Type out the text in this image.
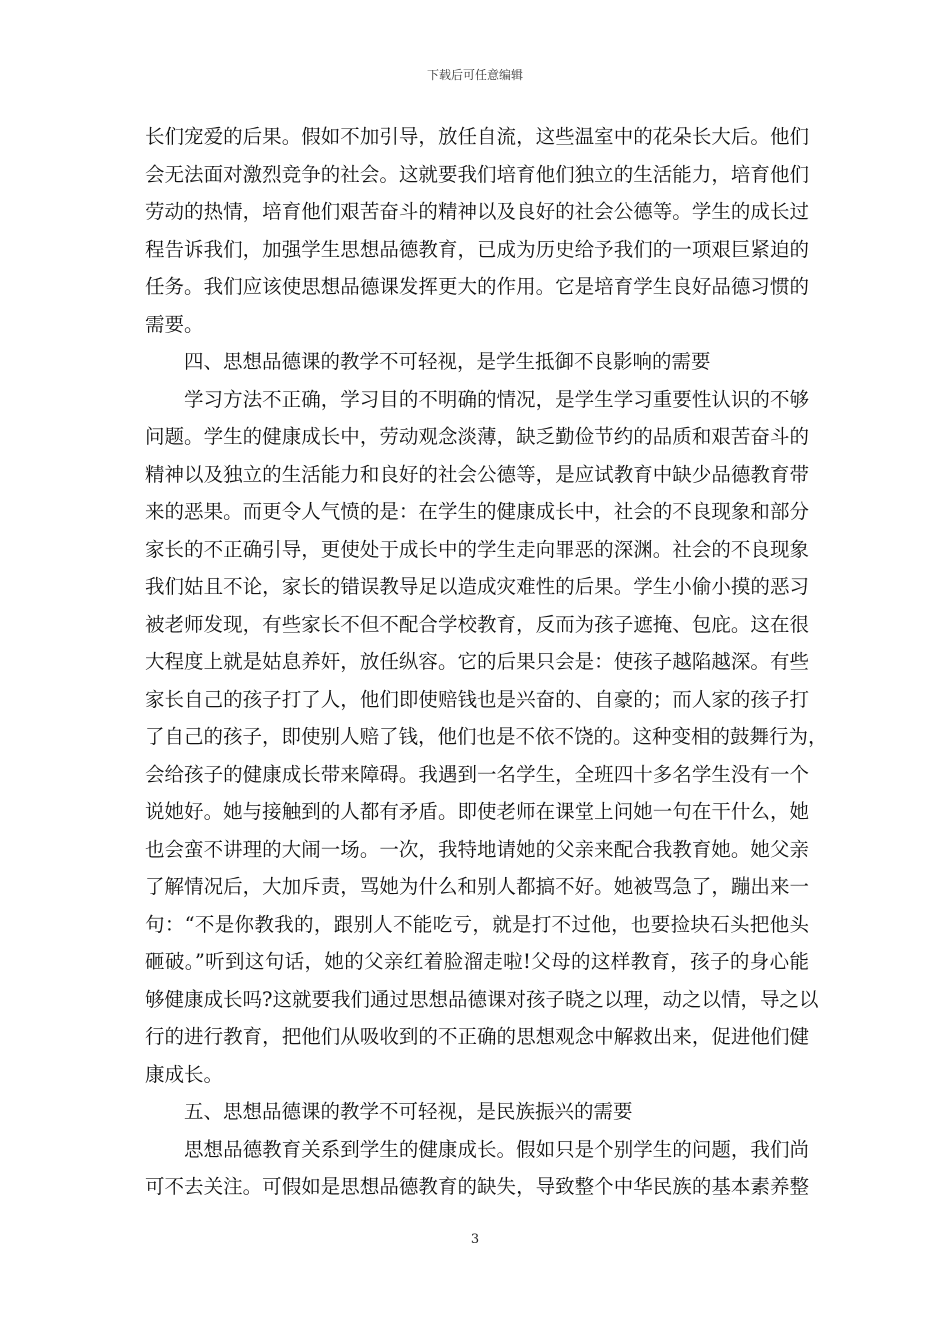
下载后可任意编辑
长们宠爱的后果。假如不加引导，放任自流，这些温室中的花朵长大后。他们
会无法面对激烈竞争的社会。这就要我们培育他们独立的生活能力，培育他们
劳动的热情，培育他们艰苦奋斗的精神以及良好的社会公德等。学生的成长过
程告诉我们，加强学生思想品德教育，已成为历史给予我们的一项艰巨紧迫的
任务。我们应该使思想品德课发挥更大的作用。它是培育学生良好品德习惯的
需要。
四、思想品德课的教学不可轻视，是学生抵御不良影响的需要
学习方法不正确，学习目的不明确的情况，是学生学习重要性认识的不够
问题。学生的健康成长中，劳动观念淡薄，缺乏勤俭节约的品质和艰苦奋斗的
精神以及独立的生活能力和良好的社会公德等，是应试教育中缺少品德教育带
来的恶果。而更令人气愤的是：在学生的健康成长中，社会的不良现象和部分
家长的不正确引导，更使处于成长中的学生走向罪恶的深渊。社会的不良现象
我们姑且不论，家长的错误教导足以造成灾难性的后果。学生小偷小摸的恶习
被老师发现，有些家长不但不配合学校教育，反而为孩子遮掩、包庇。这在很
大程度上就是姑息养奸，放任纵容。它的后果只会是：使孩子越陷越深。有些
家长自己的孩子打了人，他们即使赔钱也是兴奋的、自豪的；而人家的孩子打
了自己的孩子，即使别人赔了钱，他们也是不依不饶的。这种变相的鼓舞行为，
会给孩子的健康成长带来障碍。我遇到一名学生，全班四十多名学生没有一个
说她好。她与接触到的人都有矛盾。即使老师在课堂上问她一句在干什么，她
也会蛮不讲理的大闹一场。一次，我特地请她的父亲来配合我教育她。她父亲
了解情况后，大加斥责，骂她为什么和别人都搞不好。她被骂急了，蹦出来一
句：“不是你教我的，跟别人不能吃亏，就是打不过他，也要捡块石头把他头
砸破。”听到这句话，她的父亲红着脸溜走啦!父母的这样教育，孩子的身心能
够健康成长吗?这就要我们通过思想品德课对孩子晓之以理，动之以情，导之以
行的进行教育，把他们从吸收到的不正确的思想观念中解救出来，促进他们健
康成长。
五、思想品德课的教学不可轻视，是民族振兴的需要
思想品德教育关系到学生的健康成长。假如只是个别学生的问题，我们尚
可不去关注。可假如是思想品德教育的缺失，导致整个中华民族的基本素养整
3
